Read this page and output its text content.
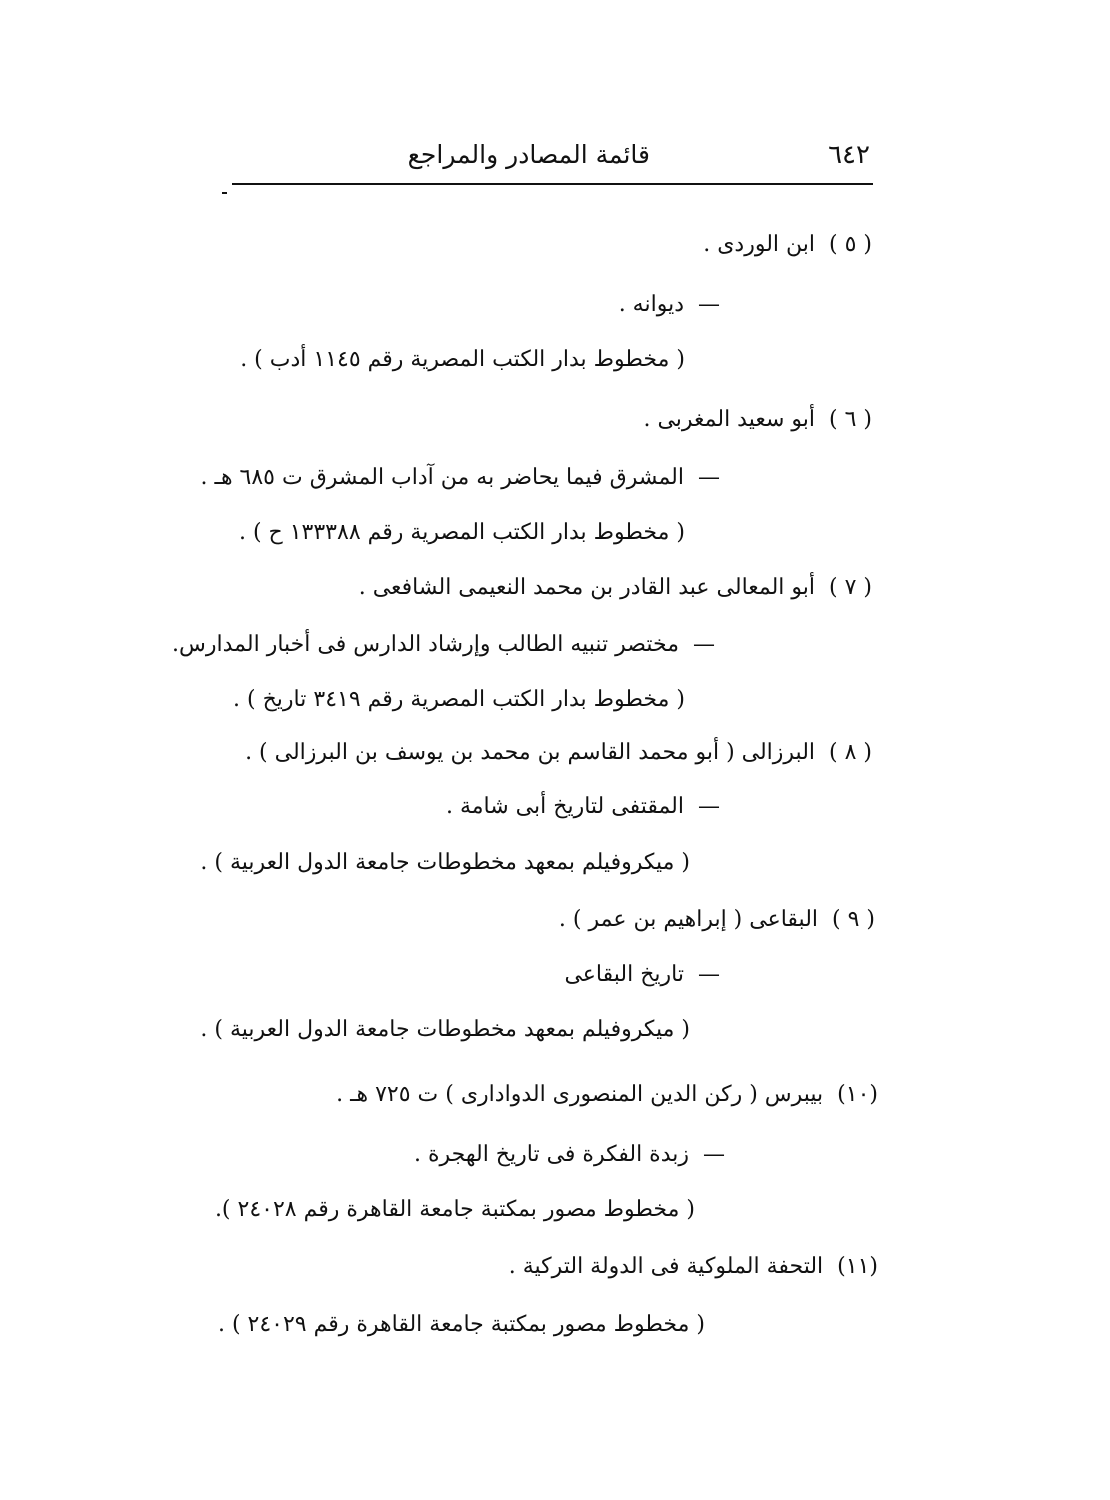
٦٤٢
قائمة المصادر والمراجع
( ٥ )ابن الوردى .
—ديوانه .
( مخطوط بدار الكتب المصرية رقم ١١٤٥ أدب ) .
( ٦ )أبو سعيد المغربى .
—المشرق فيما يحاضر به من آداب المشرق ت ٦٨٥ هـ .
( مخطوط بدار الكتب المصرية رقم ١٣٣٣٨٨ ح ) .
( ٧ )أبو المعالى عبد القادر بن محمد النعيمى الشافعى .
—مختصر تنبيه الطالب وإرشاد الدارس فى أخبار المدارس.
( مخطوط بدار الكتب المصرية رقم ٣٤١٩ تاريخ ) .
( ٨ )البرزالى ( أبو محمد القاسم بن محمد بن يوسف بن البرزالى ) .
—المقتفى لتاريخ أبى شامة .
( ميكروفيلم بمعهد مخطوطات جامعة الدول العربية ) .
( ٩ )البقاعى ( إبراهيم بن عمر ) .
—تاريخ البقاعى
( ميكروفيلم بمعهد مخطوطات جامعة الدول العربية ) .
(١٠)بيبرس ( ركن الدين المنصورى الدوادارى ) ت ٧٢٥ هـ .
—زبدة الفكرة فى تاريخ الهجرة .
( مخطوط مصور بمكتبة جامعة القاهرة رقم ٢٤٠٢٨ ).
(١١)التحفة الملوكية فى الدولة التركية .
( مخطوط مصور بمكتبة جامعة القاهرة رقم ٢٤٠٢٩ ) .
